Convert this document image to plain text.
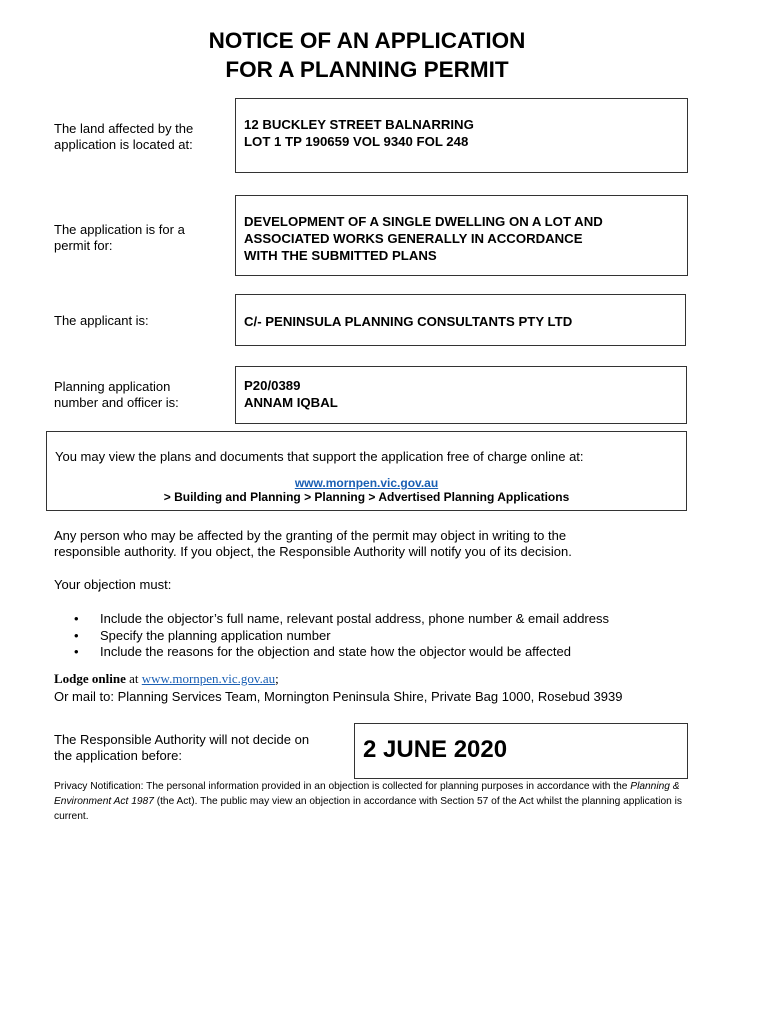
NOTICE OF AN APPLICATION
FOR A PLANNING PERMIT
The land affected by the
application is located at:
12 BUCKLEY STREET BALNARRING
LOT 1 TP 190659 VOL 9340 FOL 248
The application is for a
permit for:
DEVELOPMENT OF A SINGLE DWELLING ON A LOT AND
ASSOCIATED WORKS GENERALLY IN ACCORDANCE
WITH THE SUBMITTED PLANS
The applicant is:	C/- PENINSULA PLANNING CONSULTANTS PTY LTD
Planning application
number and officer is:
P20/0389
ANNAM IQBAL
You may view the plans and documents that support the application free of charge online at:
www.mornpen.vic.gov.au
> Building and Planning > Planning > Advertised Planning Applications
Any person who may be affected by the granting of the permit may object in writing to the
responsible authority. If you object, the Responsible Authority will notify you of its decision.
Your objection must:
• Include the objector’s full name, relevant postal address, phone number & email address
• Specify the planning application number
• Include the reasons for the objection and state how the objector would be affected
Lodge online at www.mornpen.vic.gov.au;
Or mail to: Planning Services Team, Mornington Peninsula Shire, Private Bag 1000, Rosebud 3939
The Responsible Authority will not decide on
the application before:	2 JUNE 2020
Privacy Notification: The personal information provided in an objection is collected for planning purposes in accordance with the Planning & Environment Act 1987 (the Act). The public may view an objection in accordance with Section 57 of the Act whilst the planning application is current.
